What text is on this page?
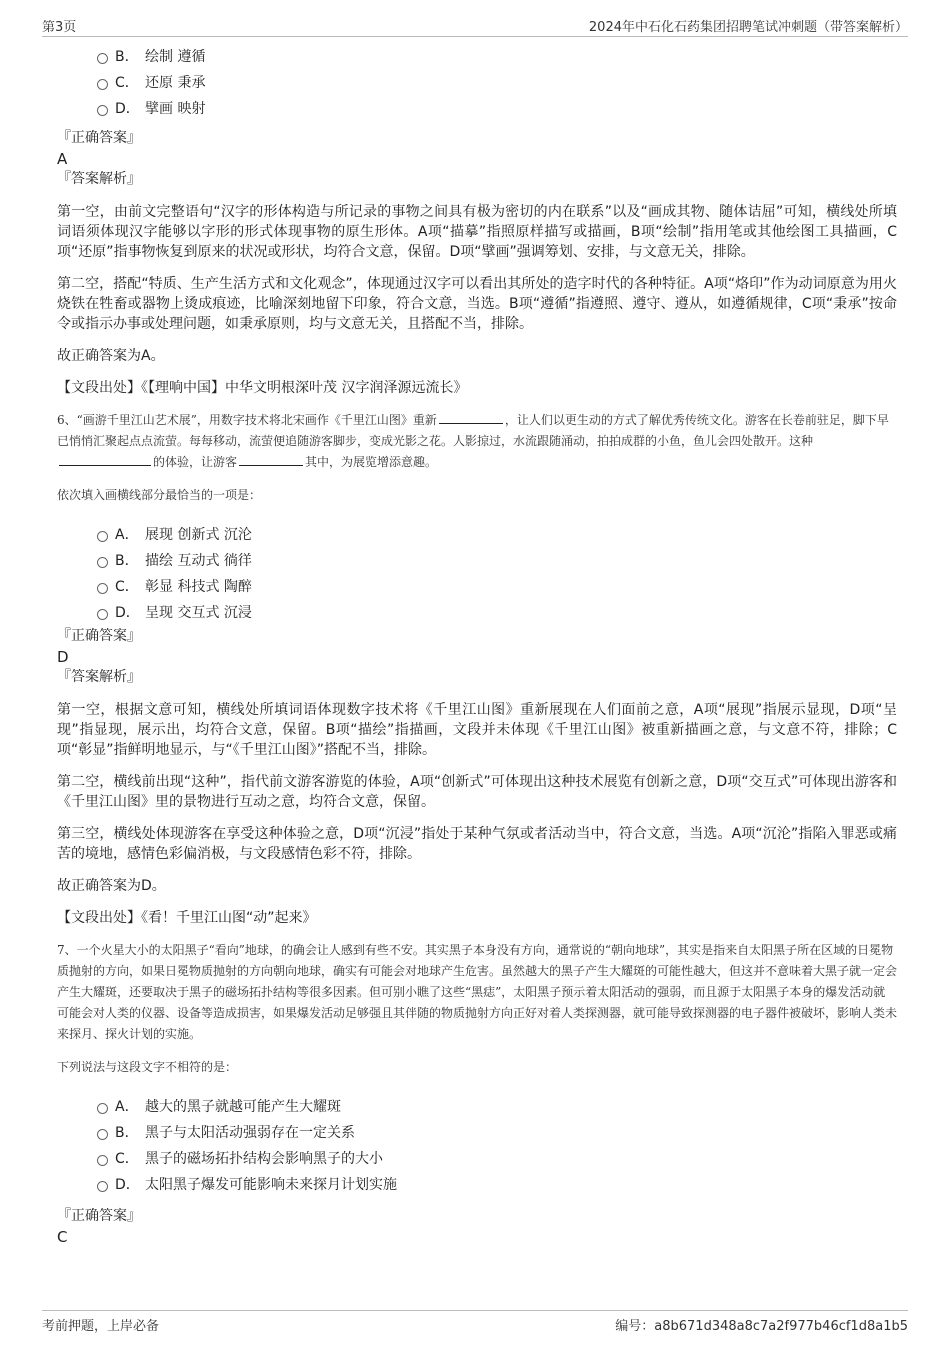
第3页	2024年中石化石药集团招聘笔试冲刺题（带答案解析）
B． 绘制 遵循
C． 还原 秉承
D． 擘画 映射

『正确答案』

A

『答案解析』

第一空，由前文完整语句“汉字的形体构造与所记录的事物之间具有极为密切的内在联系”以及“画成其物、随体诘屈”可知，横线处所填词语须体现汉字能够以字形的形式体现事物的原生形体。A项“描摹”指照原样描写或描画，B项“绘制”指用笔或其他绘图工具描画，C项“还原”指事物恢复到原来的状况或形状，均符合文意，保留。D项“擘画”强调筹划、安排，与文意无关，排除。

第二空，搭配“特质、生产生活方式和文化观念”，体现通过汉字可以看出其所处的造字时代的各种特征。A项“烙印”作为动词原意为用火烧铁在牲畜或器物上烫成痕迹，比喻深刻地留下印象，符合文意，当选。B项“遵循”指遵照、遵守、遵从，如遵循规律，C项“秉承”按命令或指示办事或处理问题，如秉承原则，均与文意无关，且搭配不当，排除。

故正确答案为A。

【文段出处】《【理响中国】中华文明根深叶茂 汉字润泽源远流长》

6、“画游千里江山艺术展”，用数字技术将北宋画作《千里江山图》重新	，让人们以更生动的方式了解优秀传统文化。游客在长卷前驻足，脚下早已悄悄汇聚起点点流萤。每每移动，流萤便追随游客脚步，变成光影之花。人影掠过，水流跟随涌动，拍拍成群的小鱼，鱼儿会四处散开。这种的体验，让游客	其中，为展览增添意趣。

依次填入画横线部分最恰当的一项是：

A． 展现 创新式 沉沦
B． 描绘 互动式 徜徉
C． 彰显 科技式 陶醉
D． 呈现 交互式 沉浸

『正确答案』

D

『答案解析』

第一空，根据文意可知，横线处所填词语体现数字技术将《千里江山图》重新展现在人们面前之意，A项“展现”指展示显现，D项“呈现”指显现，展示出，均符合文意，保留。B项“描绘”指描画，文段并未体现《千里江山图》被重新描画之意，与文意不符，排除；C项“彰显”指鲜明地显示，与“《千里江山图》”搭配不当，排除。

第二空，横线前出现“这种”，指代前文游客游览的体验，A项“创新式”可体现出这种技术展览有创新之意，D项“交互式”可体现出游客和《千里江山图》里的景物进行互动之意，均符合文意，保留。

第三空，横线处体现游客在享受这种体验之意，D项“沉浸”指处于某种气氛或者活动当中，符合文意，当选。A项“沉沦”指陷入罪恶或痛苦的境地，感情色彩偏消极，与文段感情色彩不符，排除。

故正确答案为D。

【文段出处】《看！千里江山图“动”起来》

7、一个火星大小的太阳黑子“看向”地球，的确会让人感到有些不安。其实黑子本身没有方向，通常说的“朝向地球”，其实是指来自太阳黑子所在区域的日冕物质抛射的方向，如果日冕物质抛射的方向朝向地球，确实有可能会对地球产生危害。虽然越大的黑子产生大耀斑的可能性越大，但这并不意味着大黑子就一定会产生大耀斑，还要取决于黑子的磁场拓扑结构等很多因素。但可别小瞧了这些“黑痣”，太阳黑子预示着太阳活动的强弱，而且源于太阳黑子本身的爆发活动就可能会对人类的仪器、设备等造成损害，如果爆发活动足够强且其伴随的物质抛射方向正好对着人类探测器，就可能导致探测器的电子器件被破坏，影响人类未来探月、探火计划的实施。

下列说法与这段文字不相符的是：

A． 越大的黑子就越可能产生大耀斑
B． 黑子与太阳活动强弱存在一定关系
C． 黑子的磁场拓扑结构会影响黑子的大小
D． 太阳黑子爆发可能影响未来探月计划实施

『正确答案』

C

考前押题，上岸必备	编号：a8b671d348a8c7a2f977b46cf1d8a1b5
